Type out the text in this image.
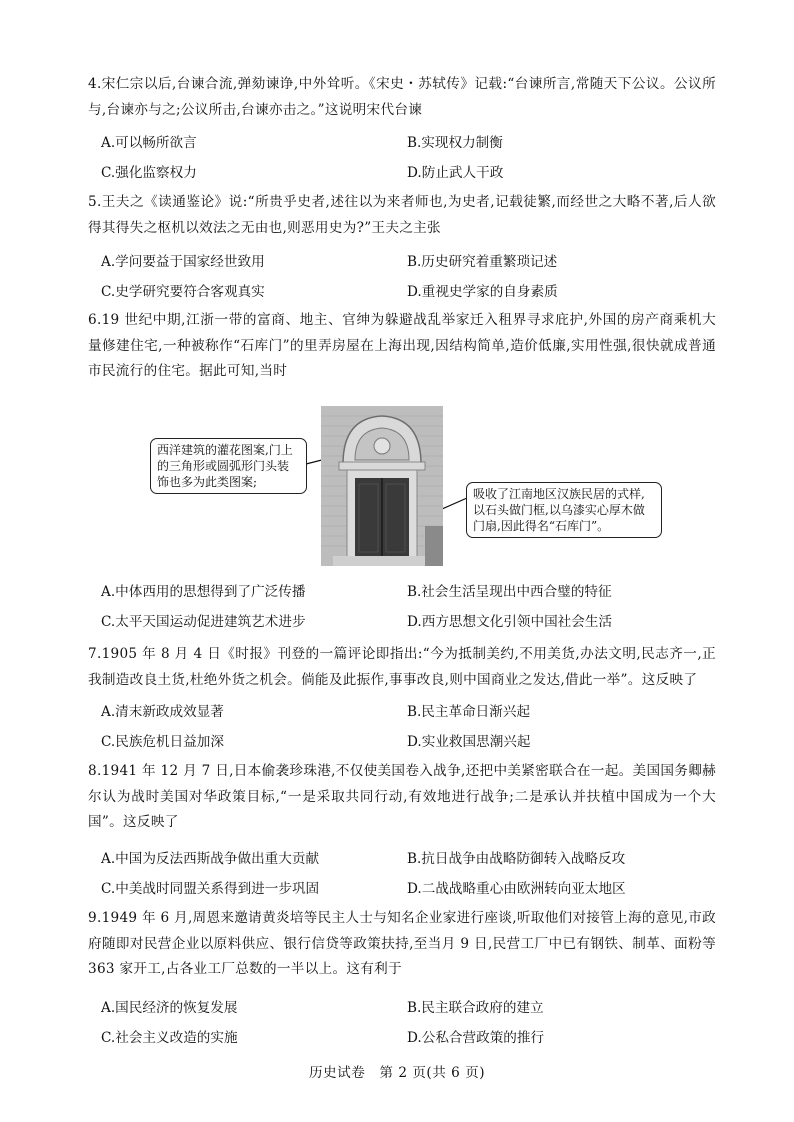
4.宋仁宗以后,台谏合流,弹劾谏诤,中外耸听。《宋史・苏轼传》记载:“台谏所言,常随天下公议。公议所与,台谏亦与之;公议所击,台谏亦击之。”这说明宋代台谏
A.可以畅所欲言	B.实现权力制衡
C.强化监察权力	D.防止武人干政
5.王夫之《读通鉴论》说:“所贵乎史者,述往以为来者师也,为史者,记载徒繁,而经世之大略不著,后人欲得其得失之枢机以效法之无由也,则恶用史为?”王夫之主张
A.学问要益于国家经世致用	B.历史研究着重繁琐记述
C.史学研究要符合客观真实	D.重视史学家的自身素质
6.19 世纪中期,江浙一带的富商、地主、官绅为躲避战乱举家迁入租界寻求庇护,外国的房产商乘机大量修建住宅,一种被称作“石库门”的里弄房屋在上海出现,因结构简单,造价低廉,实用性强,很快就成普通市民流行的住宅。据此可知,当时
西洋建筑的灌花图案,门上的三角形或圆弧形门头装饰也多为此类图案;
吸收了江南地区汉族民居的式样,以石头做门框,以乌漆实心厚木做门扇,因此得名“石库门”。
A.中体西用的思想得到了广泛传播	B.社会生活呈现出中西合璧的特征
C.太平天国运动促进建筑艺术进步	D.西方思想文化引领中国社会生活
7.1905 年 8 月 4 日《时报》刊登的一篇评论即指出:“今为抵制美约,不用美货,办法文明,民志齐一,正我制造改良土货,杜绝外货之机会。倘能及此振作,事事改良,则中国商业之发达,借此一举”。这反映了
A.清末新政成效显著	B.民主革命日渐兴起
C.民族危机日益加深	D.实业救国思潮兴起
8.1941 年 12 月 7 日,日本偷袭珍珠港,不仅使美国卷入战争,还把中美紧密联合在一起。美国国务卿赫尔认为战时美国对华政策目标,“一是采取共同行动,有效地进行战争;二是承认并扶植中国成为一个大国”。这反映了
A.中国为反法西斯战争做出重大贡献	B.抗日战争由战略防御转入战略反攻
C.中美战时同盟关系得到进一步巩固	D.二战战略重心由欧洲转向亚太地区
9.1949 年 6 月,周恩来邀请黄炎培等民主人士与知名企业家进行座谈,听取他们对接管上海的意见,市政府随即对民营企业以原料供应、银行信贷等政策扶持,至当月 9 日,民营工厂中已有钢铁、制革、面粉等 363 家开工,占各业工厂总数的一半以上。这有利于
A.国民经济的恢复发展	B.民主联合政府的建立
C.社会主义改造的实施	D.公私合营政策的推行
历史试卷　第 2 页(共 6 页)
